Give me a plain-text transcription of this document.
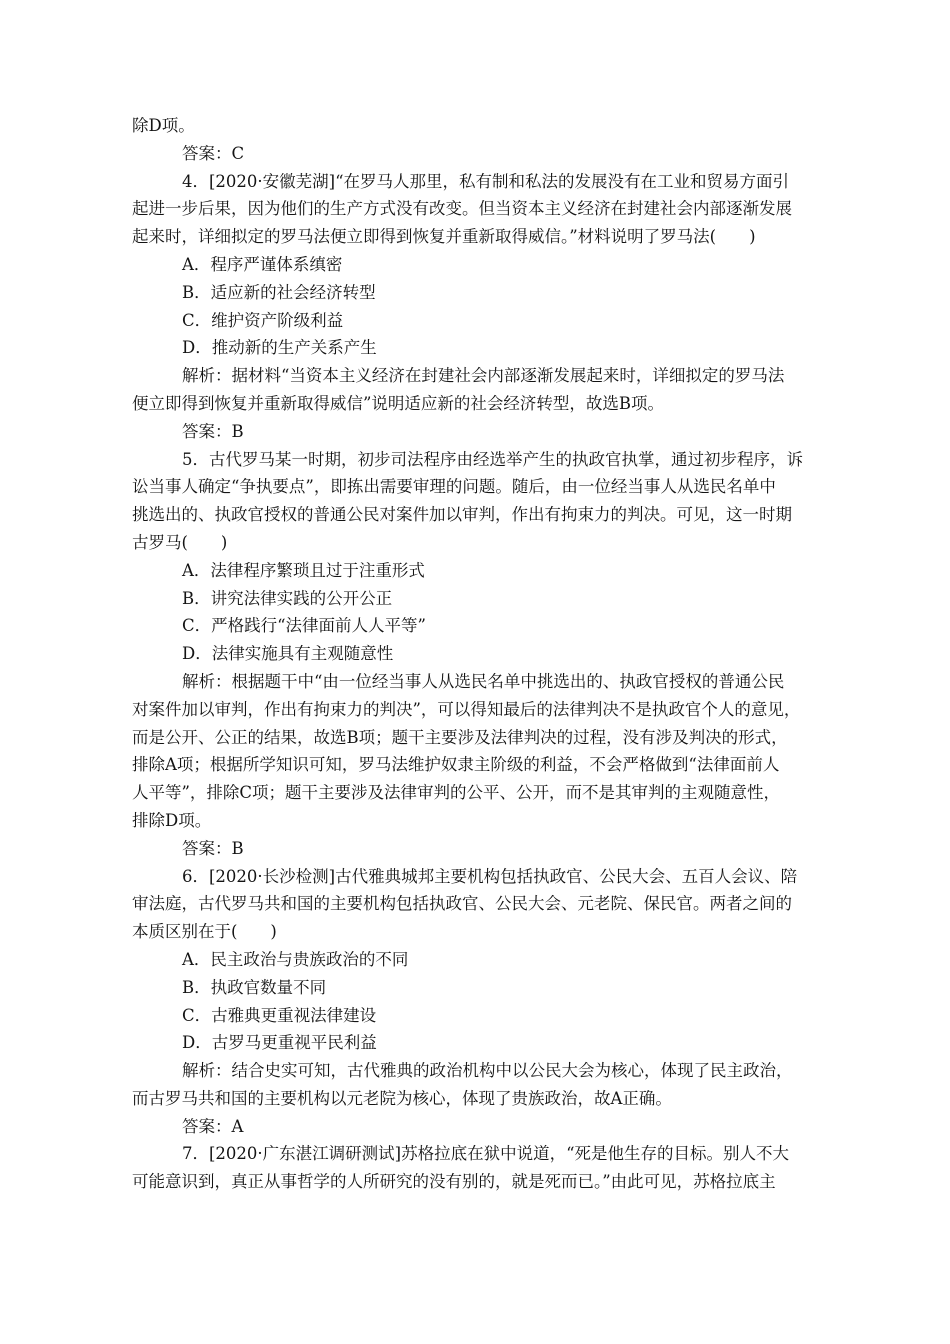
除D项。
答案：C
4．[2020·安徽芜湖]“在罗马人那里，私有制和私法的发展没有在工业和贸易方面引
起进一步后果，因为他们的生产方式没有改变。但当资本主义经济在封建社会内部逐渐发展
起来时，详细拟定的罗马法便立即得到恢复并重新取得威信。”材料说明了罗马法(　　)
A．程序严谨体系缜密
B．适应新的社会经济转型
C．维护资产阶级利益
D．推动新的生产关系产生
解析：据材料“当资本主义经济在封建社会内部逐渐发展起来时，详细拟定的罗马法
便立即得到恢复并重新取得威信”说明适应新的社会经济转型，故选B项。
答案：B
5．古代罗马某一时期，初步司法程序由经选举产生的执政官执掌，通过初步程序，诉
讼当事人确定“争执要点”，即拣出需要审理的问题。随后，由一位经当事人从选民名单中
挑选出的、执政官授权的普通公民对案件加以审判，作出有拘束力的判决。可见，这一时期
古罗马(　　)
A．法律程序繁琐且过于注重形式
B．讲究法律实践的公开公正
C．严格践行“法律面前人人平等”
D．法律实施具有主观随意性
解析：根据题干中“由一位经当事人从选民名单中挑选出的、执政官授权的普通公民
对案件加以审判，作出有拘束力的判决”，可以得知最后的法律判决不是执政官个人的意见，
而是公开、公正的结果，故选B项；题干主要涉及法律判决的过程，没有涉及判决的形式，
排除A项；根据所学知识可知，罗马法维护奴隶主阶级的利益，不会严格做到“法律面前人
人平等”，排除C项；题干主要涉及法律审判的公平、公开，而不是其审判的主观随意性，
排除D项。
答案：B
6．[2020·长沙检测]古代雅典城邦主要机构包括执政官、公民大会、五百人会议、陪
审法庭，古代罗马共和国的主要机构包括执政官、公民大会、元老院、保民官。两者之间的
本质区别在于(　　)
A．民主政治与贵族政治的不同
B．执政官数量不同
C．古雅典更重视法律建设
D．古罗马更重视平民利益
解析：结合史实可知，古代雅典的政治机构中以公民大会为核心，体现了民主政治，
而古罗马共和国的主要机构以元老院为核心，体现了贵族政治，故A正确。
答案：A
7．[2020·广东湛江调研测试]苏格拉底在狱中说道，“死是他生存的目标。别人不大
可能意识到，真正从事哲学的人所研究的没有别的，就是死而已。”由此可见，苏格拉底主
